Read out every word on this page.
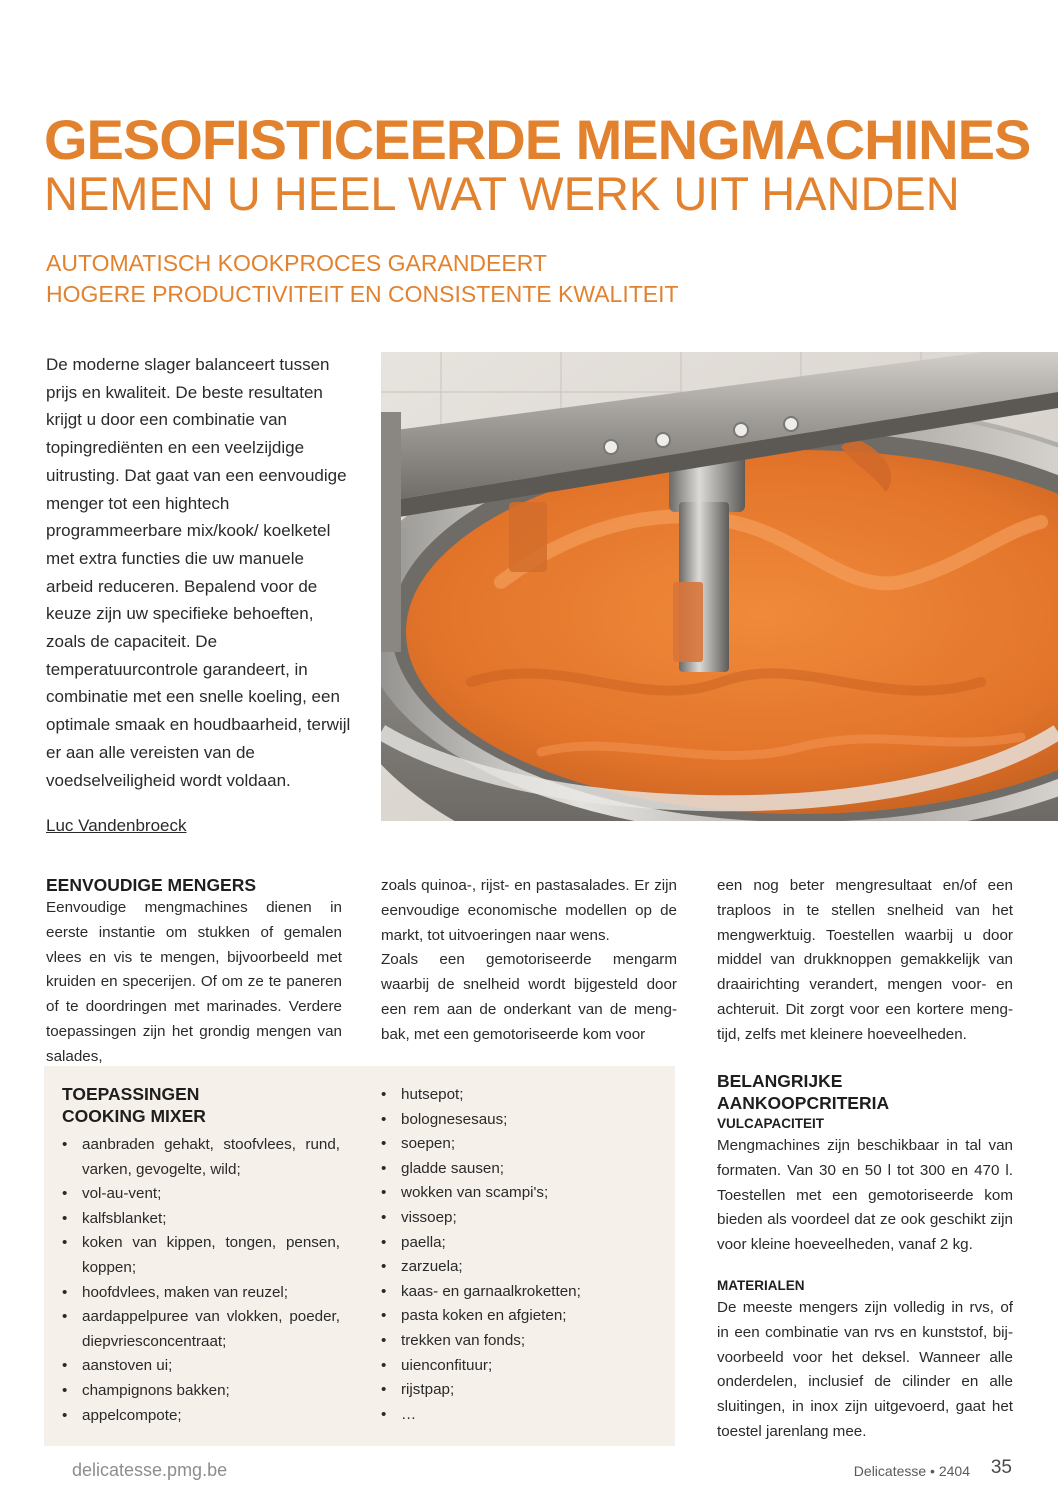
GESOFISTICEERDE MENGMACHINES
NEMEN U HEEL WAT WERK UIT HANDEN
AUTOMATISCH KOOKPROCES GARANDEERT
HOGERE PRODUCTIVITEIT EN CONSISTENTE KWALITEIT
De moderne slager balanceert tussen prijs en kwaliteit. De beste resultaten krijgt u door een combinatie van topingrediënten en een veelzijdige uitrusting. Dat gaat van een eenvoudige menger tot een hightech programmeerbare mix/kook/ koelketel met extra functies die uw manuele arbeid reduceren. Bepalend voor de keuze zijn uw specifieke behoeften, zoals de capaciteit. De temperatuurcontrole garandeert, in combinatie met een snelle koeling, een optimale smaak en houdbaarheid, terwijl er aan alle vereisten van de voedselveiligheid wordt voldaan.
Luc Vandenbroeck
EENVOUDIGE MENGERS

Eenvoudige mengmachines dienen in eerste instantie om stukken of gemalen vlees en vis te mengen, bijvoorbeeld met kruiden en specerijen. Of om ze te paneren of te doordringen met marinades. Verdere toepassingen zijn het grondig mengen van salades,

zoals quinoa-, rijst- en pastasalades. Er zijn eenvoudige economische modellen op de markt, tot uitvoeringen naar wens.

Zoals een gemotoriseerde mengarm waarbij de snelheid wordt bijgesteld door een rem aan de onderkant van de mengbak, met een gemotoriseerde kom voor

een nog beter mengresultaat en/of een traploos in te stellen snelheid van het mengwerktuig. Toestellen waarbij u door middel van drukknoppen gemakkelijk van draairichting verandert, mengen voor- en achteruit. Dit zorgt voor een kortere mengtijd, zelfs met kleinere hoeveelheden.

TOEPASSINGEN
COOKING MIXER
• aanbraden gehakt, stoofvlees, rund, varken, gevogelte, wild;
• vol-au-vent;
• kalfsblanket;
• koken van kippen, tongen, pensen, koppen;
• hoofdvlees, maken van reuzel;
• aardappelpuree van vlokken, poeder, diepvriesconcentraat;
• aanstoven ui;
• champignons bakken;
• appelcompote;
• hutsepot;
• bolognesesaus;
• soepen;
• gladde sausen;
• wokken van scampi's;
• vissoep;
• paella;
• zarzuela;
• kaas- en garnaalkroketten;
• pasta koken en afgieten;
• trekken van fonds;
• uienconfituur;
• rijstpap;
• …
BELANGRIJKE AANKOOPCRITERIA
VULCAPACITEIT

Mengmachines zijn beschikbaar in tal van formaten. Van 30 en 50 l tot 300 en 470 l. Toestellen met een gemotoriseerde kom bieden als voordeel dat ze ook geschikt zijn voor kleine hoeveelheden, vanaf 2 kg.

MATERIALEN

De meeste mengers zijn volledig in rvs, of in een combinatie van rvs en kunststof, bijvoorbeeld voor het deksel. Wanneer alle onderdelen, inclusief de cilinder en alle sluitingen, in inox zijn uitgevoerd, gaat het toestel jarenlang mee.

delicatesse.pmg.be	Delicatesse • 2404 35
